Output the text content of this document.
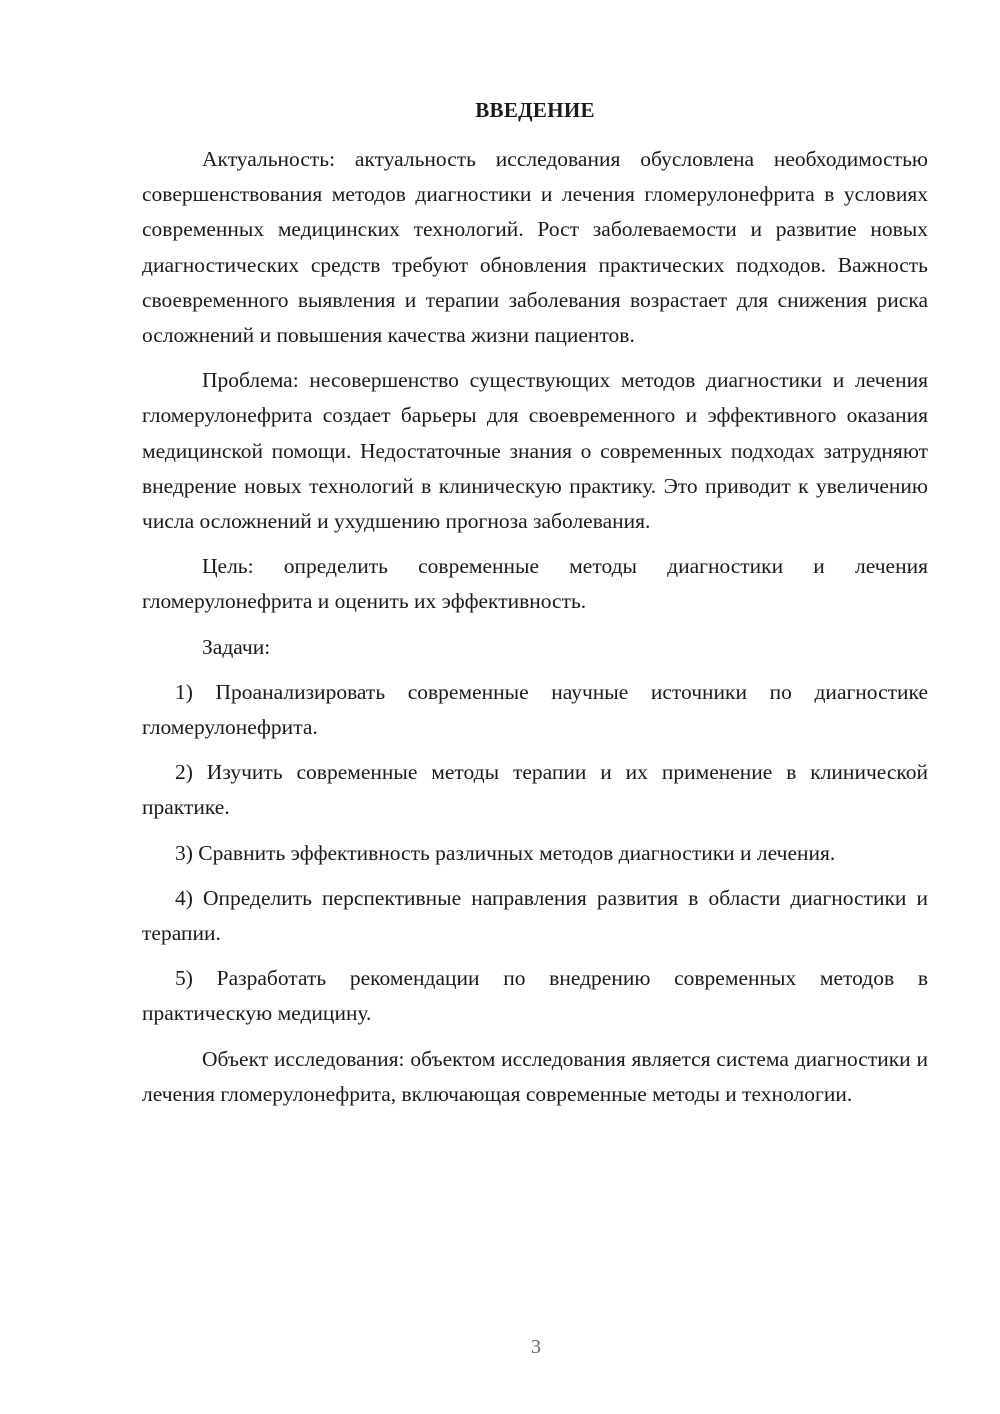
ВВЕДЕНИЕ

Актуальность: актуальность исследования обусловлена необходимостью совершенствования методов диагностики и лечения гломерулонефрита в условиях современных медицинских технологий. Рост заболеваемости и развитие новых диагностических средств требуют обновления практических подходов. Важность своевременного выявления и терапии заболевания возрастает для снижения риска осложнений и повышения качества жизни пациентов.

Проблема: несовершенство существующих методов диагностики и лечения гломерулонефрита создает барьеры для своевременного и эффективного оказания медицинской помощи. Недостаточные знания о современных подходах затрудняют внедрение новых технологий в клиническую практику. Это приводит к увеличению числа осложнений и ухудшению прогноза заболевания.

Цель: определить современные методы диагностики и лечения гломерулонефрита и оценить их эффективность.

Задачи:

1) Проанализировать современные научные источники по диагностике гломерулонефрита.

2) Изучить современные методы терапии и их применение в клинической практике.

3) Сравнить эффективность различных методов диагностики и лечения.

4) Определить перспективные направления развития в области диагностики и терапии.

5) Разработать рекомендации по внедрению современных методов в практическую медицину.

Объект исследования: объектом исследования является система диагностики и лечения гломерулонефрита, включающая современные методы и технологии.

3
